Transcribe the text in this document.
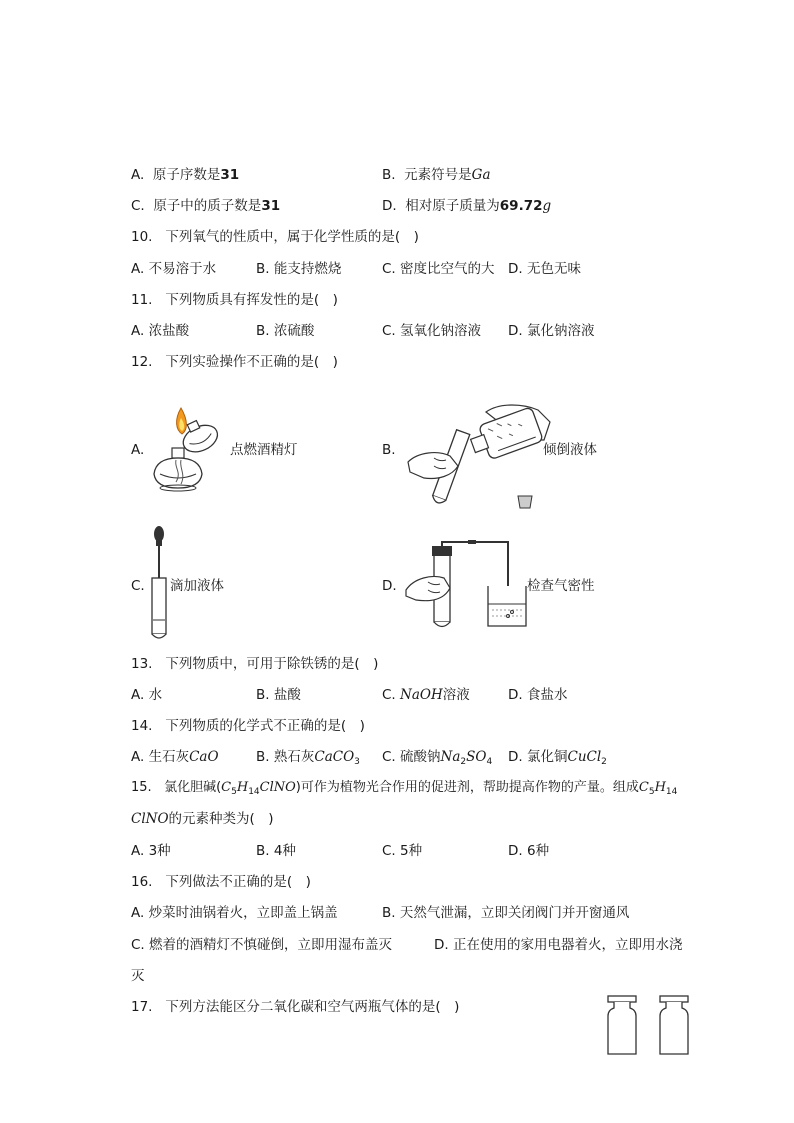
A. 原子序数是31	B. 元素符号是Ga
C. 原子中的质子数是31	D. 相对原子质量为69.72g
10. 下列氧气的性质中，属于化学性质的是(　)
A. 不易溶于水	B. 能支持燃烧	C. 密度比空气的大 D. 无色无味
11. 下列物质具有挥发性的是(　)
A. 浓盐酸	B. 浓硫酸	C. 氢氧化钠溶液 D. 氯化钠溶液
12. 下列实验操作不正确的是(　)
A.	点燃酒精灯	B.	倾倒液体
C. 滴加液体	D.	检查气密性
13. 下列物质中，可用于除铁锈的是(　)
A. 水	B. 盐酸	C. NaOH溶液	D. 食盐水
14. 下列物质的化学式不正确的是(　)
A. 生石灰CaO	B. 熟石灰CaCO$_3$ C. 硫酸钠$Na_2SO_4$ D. 氯化铜CuCl$_2$
15. 氯化胆碱$(C_5H_{14}ClNO)$可作为植物光合作用的促进剂，帮助提高作物的产量。组成$C_5H_{14}$
ClNO的元素种类为(　)
A. 3种	B. 4种	C. 5种	D. 6种
16. 下列做法不正确的是(　)
A. 炒菜时油锅着火，立即盖上锅盖	B. 天然气泄漏，立即关闭阀门并开窗通风
C. 燃着的酒精灯不慎碰倒，立即用湿布盖灭	D. 正在使用的家用电器着火，立即用水浇
灭
17. 下列方法能区分二氧化碳和空气两瓶气体的是(　)
